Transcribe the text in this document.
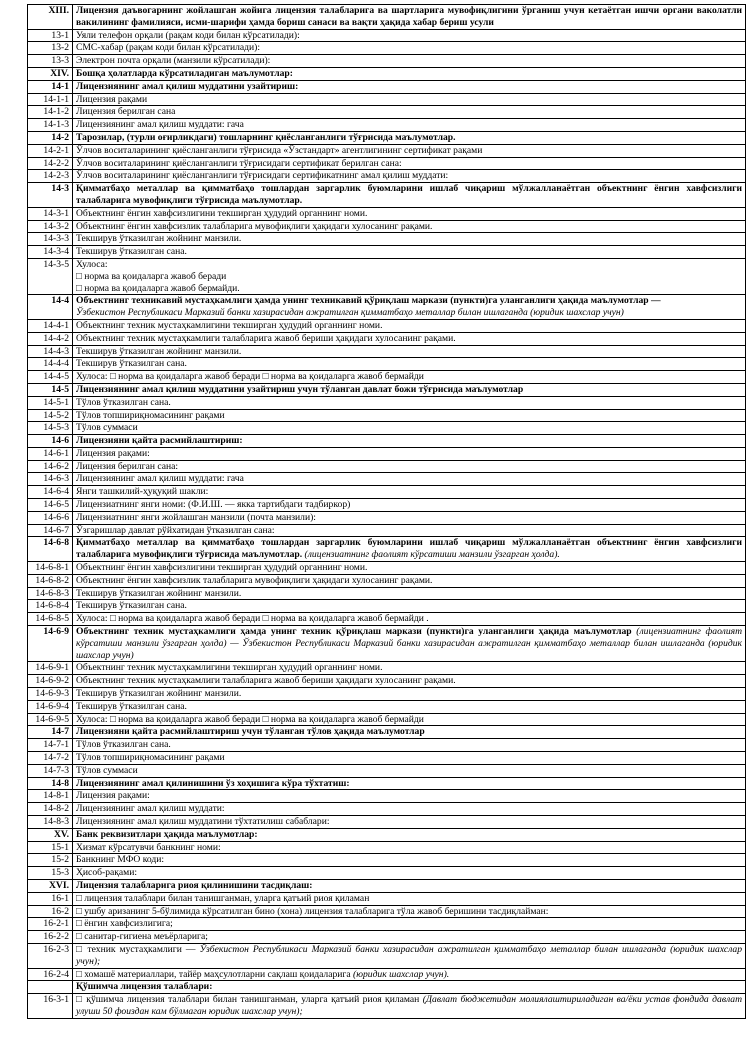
XIII.	Лицензия даъвогарнинг жойлашган жойига лицензия талабларига ва шартларига мувофиқлигини ўрганиш учун кетаётган ишчи органи ваколатли вакилининг фамилияси, исми-шарифи ҳамда бориш санаси ва вақти ҳақида хабар бериш усули
13-1	Уяли телефон орқали (рақам коди билан кўрсатилади):
13-2	СМС-хабар (рақам коди билан кўрсатилади):
13-3	Электрон почта орқали (манзили кўрсатилади):
XIV.	Бошқа ҳолатларда кўрсатиладиган маълумотлар:
14-1	Лицензиянинг амал қилиш муддатини узайтириш:
14-1-1	Лицензия рақами
14-1-2	Лицензия берилган сана
14-1-3	Лицензиянинг амал қилиш муддати: гача
14-2	Тарозилар, (турли оғирликдаги) тошларнинг қиёсланганлиги тўғрисида маълумотлар.
14-2-1	Ўлчов воситаларининг қиёсланганлиги тўғрисида «Ўзстандарт» агентлигининг сертификат рақами
14-2-2	Ўлчов воситаларининг қиёсланганлиги тўғрисидаги сертификат берилган сана:
14-2-3	Ўлчов воситаларининг қиёсланганлиги тўғрисидаги сертификатнинг амал қилиш муддати:
14-3	Қимматбаҳо металлар ва қимматбаҳо тошлардан заргарлик буюмларини ишлаб чиқариш мўлжалланаётган объектнинг ёнгин хавфсизлиги талабларига мувофиқлиги тўғрисида маълумотлар.
14-3-1	Объектнинг ёнгин хавфсизлигини текширган ҳудудий органнинг номи.
14-3-2	Объектнинг ёнгин хавфсизлик талабларига мувофиқлиги ҳақидаги хулосанинг рақами.
14-3-3	Текширув ўтказилган жойнинг манзили.
14-3-4	Текширув ўтказилган сана.
14-3-5	Хулоса:
□ норма ва қоидаларга жавоб беради
□ норма ва қоидаларга жавоб бермайди.
14-4	Объектнинг техникавий мустаҳкамлиги ҳамда унинг техникавий қўриқлаш маркази (пункти)га уланганлиги ҳақида маълумотлар —
Ўзбекистон Республикаси Марказий банки хазирасидан ажратилган қимматбаҳо металлар билан ишлаганда (юридик шахслар учун)
14-4-1	Объектнинг техник мустаҳкамлигини текширган ҳудудий органнинг номи.
14-4-2	Объектнинг техник мустаҳкамлиги талабларига жавоб бериши ҳақидаги хулосанинг рақами.
14-4-3	Текширув ўтказилган жойнинг манзили.
14-4-4	Текширув ўтказилган сана.
14-4-5	Хулоса: □ норма ва қоидаларга жавоб беради □ норма ва қоидаларга жавоб бермайди
14-5	Лицензиянинг амал қилиш муддатини узайтириш учун тўланган давлат божи тўғрисида маълумотлар
14-5-1	Тўлов ўтказилган сана.
14-5-2	Тўлов топшириқномасининг рақами
14-5-3	Тўлов суммаси
14-6	Лицензияни қайта расмийлаштириш:
14-6-1	Лицензия рақами:
14-6-2	Лицензия берилган сана:
14-6-3	Лицензиянинг амал қилиш муддати: гача
14-6-4	Янги ташкилий-ҳуқуқий шакли:
14-6-5	Лицензиатнинг янги номи: (Ф.И.Ш. — якка тартибдаги тадбиркор)
14-6-6	Лицензиатнинг янги жойлашган манзили (почта манзили):
14-6-7	Ўзгаришлар давлат рўйхатидан ўтказилган сана:
14-6-8	Қимматбаҳо металлар ва қимматбаҳо тошлардан заргарлик буюмларини ишлаб чиқариш мўлжалланаётган объектнинг ёнгин хавфсизлиги талабларига мувофиқлиги тўғрисида маълумотлар. (лицензиатнинг фаолият кўрсатиши манзили ўзгарган ҳолда).
14-6-8-1	Объектнинг ёнгин хавфсизлигини текширган ҳудудий органнинг номи.
14-6-8-2	Объектнинг ёнгин хавфсизлик талабларига мувофиқлиги ҳақидаги хулосанинг рақами.
14-6-8-3	Текширув ўтказилган жойнинг манзили.
14-6-8-4	Текширув ўтказилган сана.
14-6-8-5	Хулоса: □ норма ва қоидаларга жавоб беради □ норма ва қоидаларга жавоб бермайди .
14-6-9	Объектнинг техник мустаҳкамлиги ҳамда унинг техник қўриқлаш маркази (пункти)га уланганлиги ҳақида маълумотлар (лицензиатнинг фаолият кўрсатиши манзили ўзгарган ҳолда) — Ўзбекистон Республикаси Марказий банки хазирасидан ажратилган қимматбаҳо металлар билан ишлаганда (юридик шахслар учун)
14-6-9-1	Объектнинг техник мустаҳкамлигини текширган ҳудудий органнинг номи.
14-6-9-2	Объектнинг техник мустаҳкамлиги талабларига жавоб бериши ҳақидаги хулосанинг рақами.
14-6-9-3	Текширув ўтказилган жойнинг манзили.
14-6-9-4	Текширув ўтказилган сана.
14-6-9-5	Хулоса: □ норма ва қоидаларга жавоб беради □ норма ва қоидаларга жавоб бермайди
14-7	Лицензияни қайта расмийлаштириш учун тўланган тўлов ҳақида маълумотлар
14-7-1	Тўлов ўтказилган сана.
14-7-2	Тўлов топшириқномасининг рақами
14-7-3	Тўлов суммаси
14-8	Лицензиянинг амал қилинишини ўз хоҳишига кўра тўхтатиш:
14-8-1	Лицензия рақами:
14-8-2	Лицензиянинг амал қилиш муддати:
14-8-3	Лицензиянинг амал қилиш муддатини тўхтатилиш сабаблари:
XV.	Банк реквизитлари ҳақида маълумотлар:
15-1	Хизмат кўрсатувчи банкнинг номи:
15-2	Банкнинг МФО коди:
15-3	Ҳисоб-рақами:
XVI.	Лицензия талабларига риоя қилинишини тасдиқлаш:
16-1	□ лицензия талаблари билан танишганман, уларга қатъий риоя қиламан
16-2	□ ушбу аризанинг 5-бўлимида кўрсатилган бино (хона) лицензия талабларига тўла жавоб беришини тасдиқлайман:
16-2-1	□ ёнгин хавфсизлигига;
16-2-2	□ санитар-гигиена меъёрларига;
16-2-3	□ техник мустаҳкамлиги — Ўзбекистон Республикаси Марказий банки хазирасидан ажратилган қимматбаҳо металлар билан ишлаганда (юридик шахслар учун);
16-2-4	□ хомашё материаллари, тайёр маҳсулотларни сақлаш қоидаларига (юридик шахслар учун).
	Қўшимча лицензия талаблари:
16-3-1	□ қўшимча лицензия талаблари билан танишганман, уларга қатъий риоя қиламан (Давлат бюджетидан молиялаштириладиган ва/ёки устав фондида давлат улуши 50 фоиздан кам бўлмаган юридик шахслар учун);
